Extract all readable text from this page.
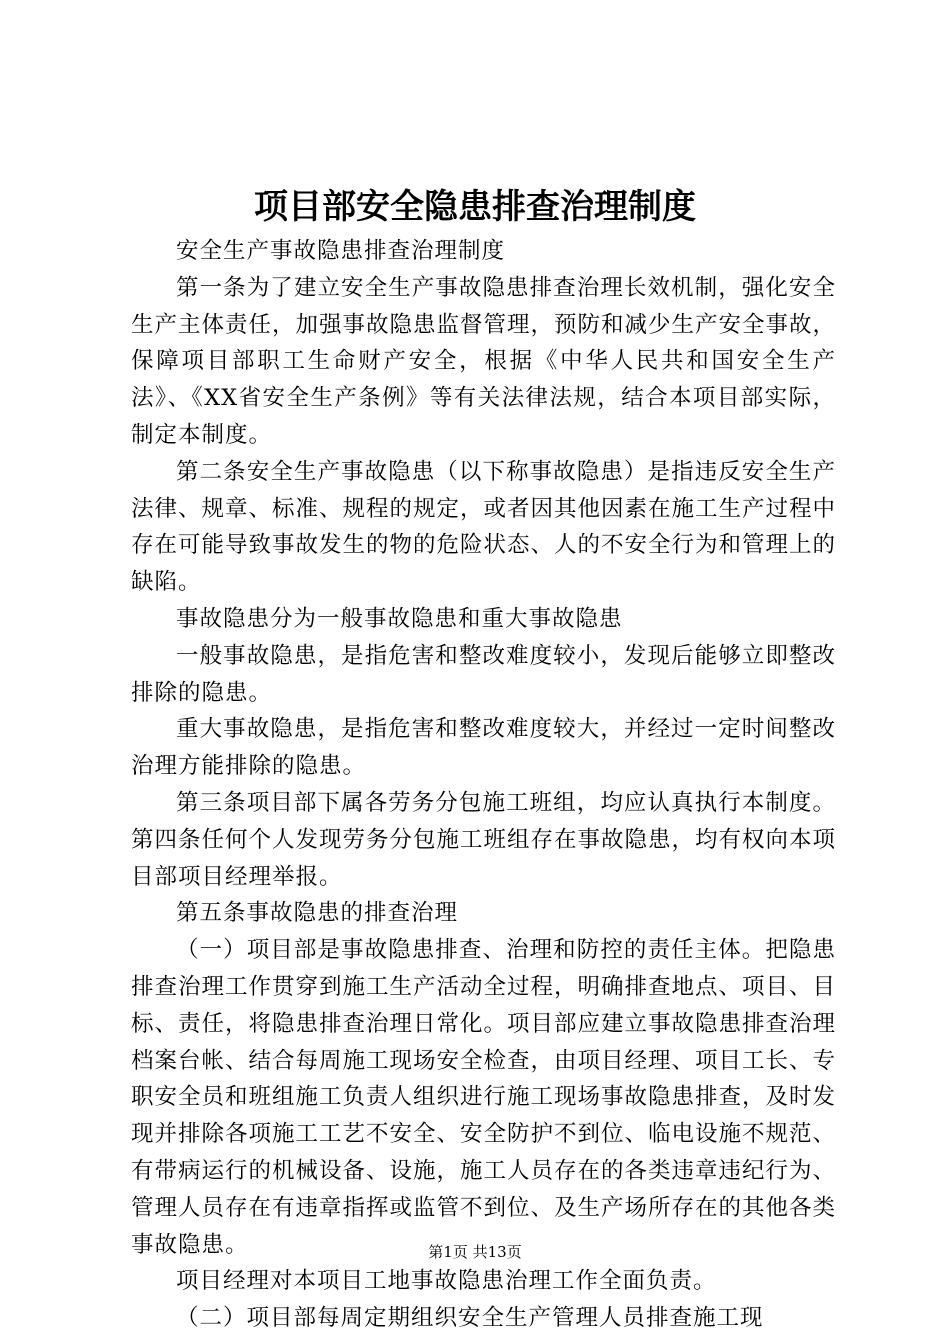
项目部安全隐患排查治理制度

安全生产事故隐患排查治理制度

第一条为了建立安全生产事故隐患排查治理长效机制，强化安全生产主体责任，加强事故隐患监督管理，预防和减少生产安全事故，保障项目部职工生命财产安全，根据《中华人民共和国安全生产法》、《XX省安全生产条例》等有关法律法规，结合本项目部实际，制定本制度。

第二条安全生产事故隐患（以下称事故隐患）是指违反安全生产法律、规章、标准、规程的规定，或者因其他因素在施工生产过程中存在可能导致事故发生的物的危险状态、人的不安全行为和管理上的缺陷。

事故隐患分为一般事故隐患和重大事故隐患

一般事故隐患，是指危害和整改难度较小，发现后能够立即整改排除的隐患。

重大事故隐患，是指危害和整改难度较大，并经过一定时间整改治理方能排除的隐患。

第三条项目部下属各劳务分包施工班组，均应认真执行本制度。第四条任何个人发现劳务分包施工班组存在事故隐患，均有权向本项目部项目经理举报。

第五条事故隐患的排查治理

（一）项目部是事故隐患排查、治理和防控的责任主体。把隐患排查治理工作贯穿到施工生产活动全过程，明确排查地点、项目、目标、责任，将隐患排查治理日常化。项目部应建立事故隐患排查治理档案台帐、结合每周施工现场安全检查，由项目经理、项目工长、专职安全员和班组施工负责人组织进行施工现场事故隐患排查，及时发现并排除各项施工工艺不安全、安全防护不到位、临电设施不规范、有带病运行的机械设备、设施，施工人员存在的各类违章违纪行为、管理人员存在有违章指挥或监管不到位、及生产场所存在的其他各类事故隐患。

项目经理对本项目工地事故隐患治理工作全面负责。

（二）项目部每周定期组织安全生产管理人员排查施工现

第1页 共13页
